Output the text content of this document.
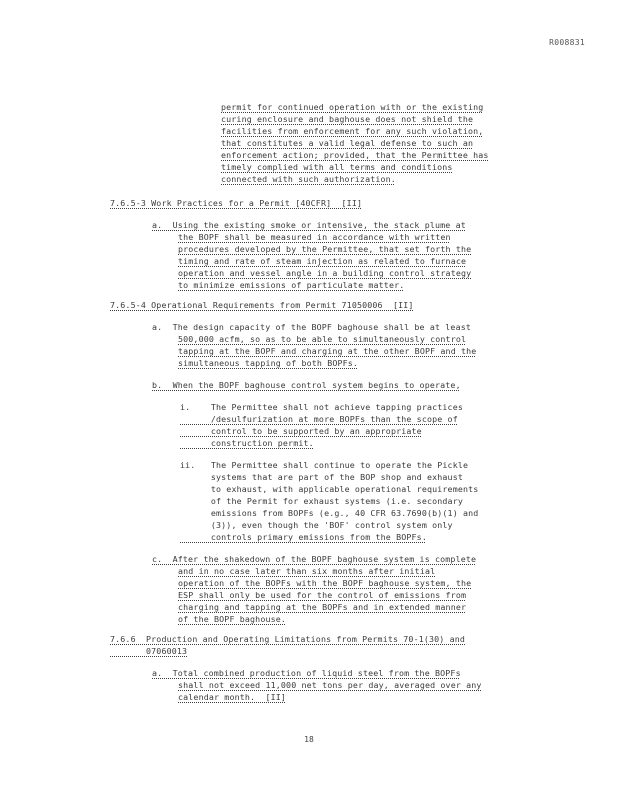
R008831
permit for continued operation with or the existing
curing enclosure and baghouse does not shield the
facilities from enforcement for any such violation,
that constitutes a valid legal defense to such an
enforcement action; provided, that the Permittee has
timely complied with all terms and conditions
connected with such authorization.
7.6.5-3 Work Practices for a Permit [40CFR]  [II]
a.  Using the existing smoke or intensive, the stack plume at
the BOPF shall be measured in accordance with written
procedures developed by the Permittee, that set forth the
timing and rate of steam injection as related to furnace
operation and vessel angle in a building control strategy
to minimize emissions of particulate matter.
7.6.5-4 Operational Requirements from Permit 71050006  [II]
a.  The design capacity of the BOPF baghouse shall be at least
500,000 acfm, so as to be able to simultaneously control
tapping at the BOPF and charging at the other BOPF and the
simultaneous tapping of both BOPFs.
b.  When the BOPF baghouse control system begins to operate,
i.    The Permittee shall not achieve tapping practices
/desulfurization at more BOPFs than the scope of
control to be supported by an appropriate
construction permit.
ii.   The Permittee shall continue to operate the Pickle
systems that are part of the BOP shop and exhaust
to exhaust, with applicable operational requirements
of the Permit for exhaust systems (i.e. secondary
emissions from BOPFs (e.g., 40 CFR 63.7690(b)(1) and
(3)), even though the 'BOF' control system only
controls primary emissions from the BOPFs.
c.  After the shakedown of the BOPF baghouse system is complete
and in no case later than six months after initial
operation of the BOPFs with the BOPF baghouse system, the
ESP shall only be used for the control of emissions from
charging and tapping at the BOPFs and in extended manner
of the BOPF baghouse.
7.6.6  Production and Operating Limitations from Permits 70-1(30) and
07060013
a.  Total combined production of liquid steel from the BOPFs
shall not exceed 11,000 net tons per day, averaged over any
calendar month.  [II]
18
